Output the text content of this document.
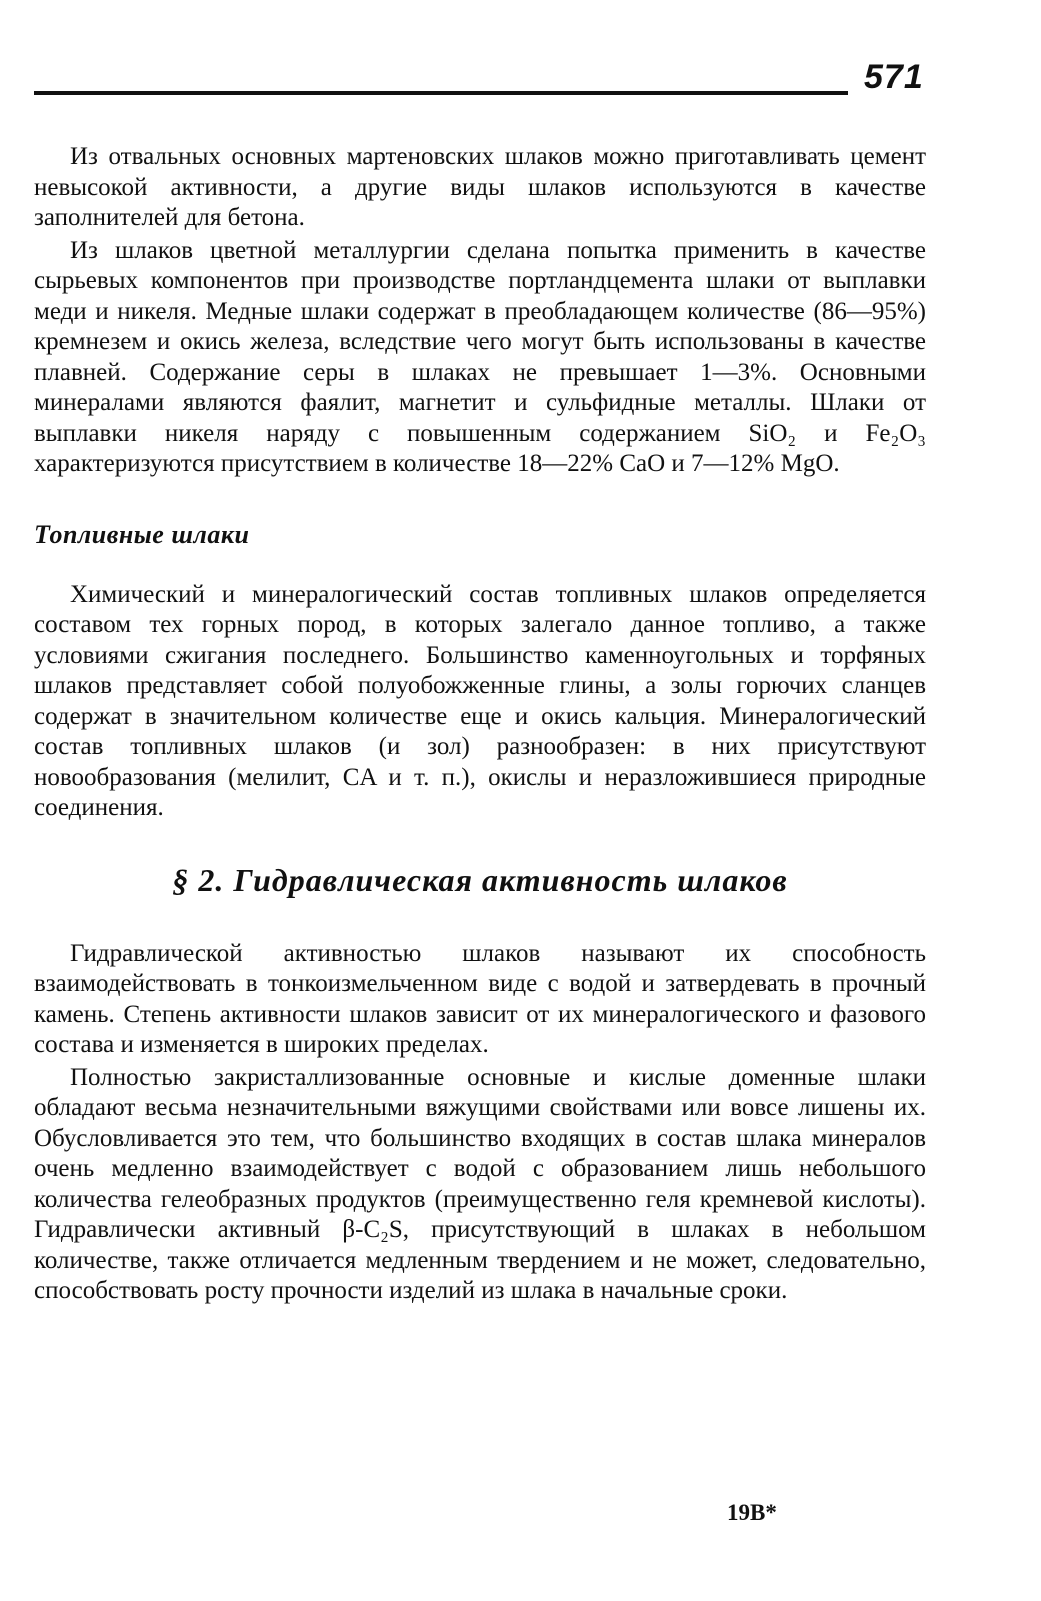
571

Из отвальных основных мартеновских шлаков можно приготавливать цемент невысокой активности, а другие виды шлаков используются в качестве заполнителей для бетона.

Из шлаков цветной металлургии сделана попытка применить в качестве сырьевых компонентов при производстве портландцемента шлаки от выплавки меди и никеля. Медные шлаки содержат в преобладающем количестве (86—95%) кремнезем и окись железа, вследствие чего могут быть использованы в качестве плавней. Содержание серы в шлаках не превышает 1—3%. Основными минералами являются фаялит, магнетит и сульфидные металлы. Шлаки от выплавки никеля наряду с повышенным содержанием SiO₂ и Fe₂O₃ характеризуются присутствием в количестве 18—22% CaO и 7—12% MgO.

Топливные шлаки

Химический и минералогический состав топливных шлаков определяется составом тех горных пород, в которых залегало данное топливо, а также условиями сжигания последнего. Большинство каменноугольных и торфяных шлаков представляет собой полуобожженные глины, а золы горючих сланцев содержат в значительном количестве еще и окись кальция. Минералогический состав топливных шлаков (и зол) разнообразен: в них присутствуют новообразования (мелилит, CA и т. п.), окислы и неразложившиеся природные соединения.

§ 2. Гидравлическая активность шлаков

Гидравлической активностью шлаков называют их способность взаимодействовать в тонкоизмельченном виде с водой и затвердевать в прочный камень. Степень активности шлаков зависит от их минералогического и фазового состава и изменяется в широких пределах.

Полностью закристаллизованные основные и кислые доменные шлаки обладают весьма незначительными вяжущими свойствами или вовсе лишены их. Обусловливается это тем, что большинство входящих в состав шлака минералов очень медленно взаимодействует с водой с образованием лишь небольшого количества гелеобразных продуктов (преимущественно геля кремневой кислоты). Гидравлически активный β-C₂S, присутствующий в шлаках в небольшом количестве, также отличается медленным твердением и не может, следовательно, способствовать росту прочности изделий из шлака в начальные сроки.

19В*
